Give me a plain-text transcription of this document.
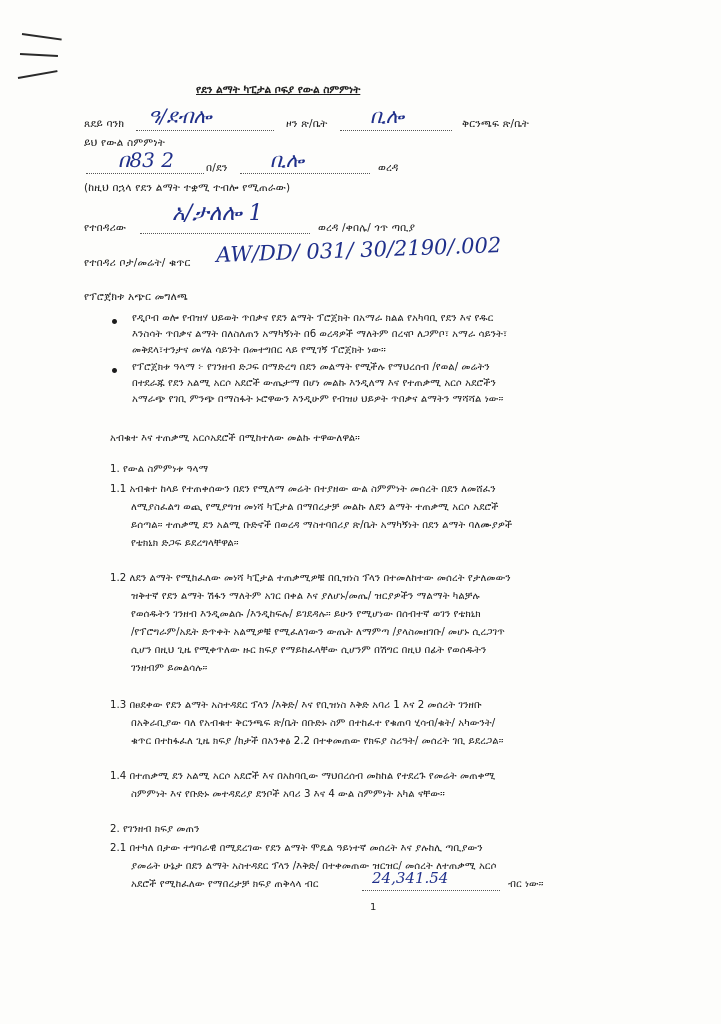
የደን ልማት ካፒታል ቦፍያ የውል ስምምነት
ጸደይ ባንክ ዓ/ደብሎ	ዞን ጽ/ቤት ቢሎ	ቅርንጫፍ ጽ/ቤት
ይህ የውል ስምምነት
በ83 2	በ/ደን ቢሎ	ወረዳ
(ከዚህ በኋላ የደን ልማት ተቋሚ ተብሎ የሚጠራው)
የተበዳሪው
አ/ታለሎ 1
ወረዳ /ቀበሌ/ ጎጥ ጣቢያ
የተበዳሪ ቦታ/መሬት/ ቁጥር AW/DD/ 031/ 30/2190/.002
የፕሮጀክቱ አጭር መግለጫ
የዲቦብ ወሎ የብዝሃ ህይወት ጥበቃና የደን ልማት ፕሮጀክት በአማራ ክልል የአካባቢ የደን እና የዱር
እንስሳት ጥበቃና ልማት በለስለጠን አማካኝነት በ6 ወረዳዎች ማለትም በረናቦ ለጋምቦ፣ አማራ ሳይንት፣
መቅደላ፣ተንታና መሃል ሳይንት በመተግበር ላይ የሚገኝ ፕሮጀክት ነው።
የፕሮጀክቱ ዓላማ ፦ የገንዘብ ድጋፍ በማድረግ በደን መልማት የሚችሉ የማህረሰብ /የወል/ መሬትን
በተደራጁ የደን አልሚ አርሶ አደሮች ውጤታማ በሆነ መልኩ እንዲለማ እና የተጠቃሚ አርሶ አደሮችን
አማራጭ የገቢ ምንጭ በማስፋት ኑሮዋውን እንዲሁም የብዝሀ ህይዎት ጥበቃና ልማትን ማሻሻል ነው።
አብቁተ እና ተጠቃሚ አርሶአደሮች በሚከተለው መልኩ ተዋውለዋል።
1. የውል ስምምነቱ ዓላማ
1.1 አብቁተ ከላይ የተጠቀሰውን በደን የሚለማ መሬት በተያዘው ውል ስምምነት መሰረት በደን ለመሸፈን
ለሚያስፈልግ ወጪ የሚያግዝ መነሻ ካፒታል በማበረታቻ መልኩ ለደን ልማት ተጠቃሚ አርሶ አደሮች
ይሰጣል። ተጠቃሚ ደን አልሚ ቡድኖች በወረዳ ማስተባበሪያ ጽ/ቤት አማካኝነት በደን ልማት ባለሙያዎች
የቴክኒክ ድጋፍ ይደረግላቸዋል።
1.2 ለደን ልማት የሚከፈለው መነሻ ካፒታል ተጠቃሚዎቹ በቢዝነስ ፕላን በተመለከተው መሰረት የታለመውን
ዝቅተኛ የደን ልማት ሽፋን ማለትም አገር በቀል እና ያለሆኑ/መጤ/ ዝርያዎችን ማልማት ካልቻሉ
የወሰዱትን ገንዘብ እንዲመልሱ /እንዲከፍሉ/ ይገደዳሉ። ይሁን የሚሆነው በሰብተኛ ወገን የቴክኒክ
/የፕሮግራም/አዴት ድጥቀት አልሚዎቹ የሚፈለገውን ውጤት ለማምጣ /ያላስመዘገቡ/ መሆኑ ሲረጋገጥ
ሲሆን በዚህ ጊዜ የሚቀጥለው ዙር ክፍያ የማይከፈላቸው ሲሆንም በሽግር በዚህ በፊት የወሰዱትን
ገንዘብም ይመልሳሉ።
1.3 በፀደቀው የደን ልማት አስተዳደር ፕላን /እቅድ/ እና የቢዝነስ እቅድ አባሪ 1 እና 2 መሰረት ገንዘቡ
በአቅራቢያው ባለ የአብቁተ ቅርንጫፍ ጽ/ቤት በቡድኑ ስም በተከፈተ የቁጠባ ሂሳብ/ቁት/ አካውንት/
ቁጥር በተከፋፈለ ጊዜ ክፍያ /ከታች በአንቀፅ 2.2 በተቀመጠው የክፍያ ስሪዓት/ መሰረት ገቢ ይደረጋል።
1.4 በተጠቃሚ ደን አልሚ አርሶ አደሮች እና በአከባቢው ማህበረሰብ መከከል የተደረጉ የመሬት መጠቀሚ
ስምምነት እና የቡድኑ መተዳደሪያ ደንቦች አባሪ 3 እና 4 ውል ስምምነት አካል ናቸው።
2. የገንዘብ ክፍያ መጠን
2.1 በተካለ በታው ተግባራዊ በሚደረገው የደን ልማት ሞዴል ዓይነተኛ መሰረት እና ያሉከሊ ጣቢያውን
ያመሬት ሁኔታ በደን ልማት አስተዳደር ፕላን /እቅድ/ በተቀመጠው ዝርዝር/ መሰረት ለተጠቃሚ አርሶ
አደሮች የሚከፈለው የማበረታቻ ክፍያ ጠቅላላ ብር	24,341.54	ብር ነው።
1
